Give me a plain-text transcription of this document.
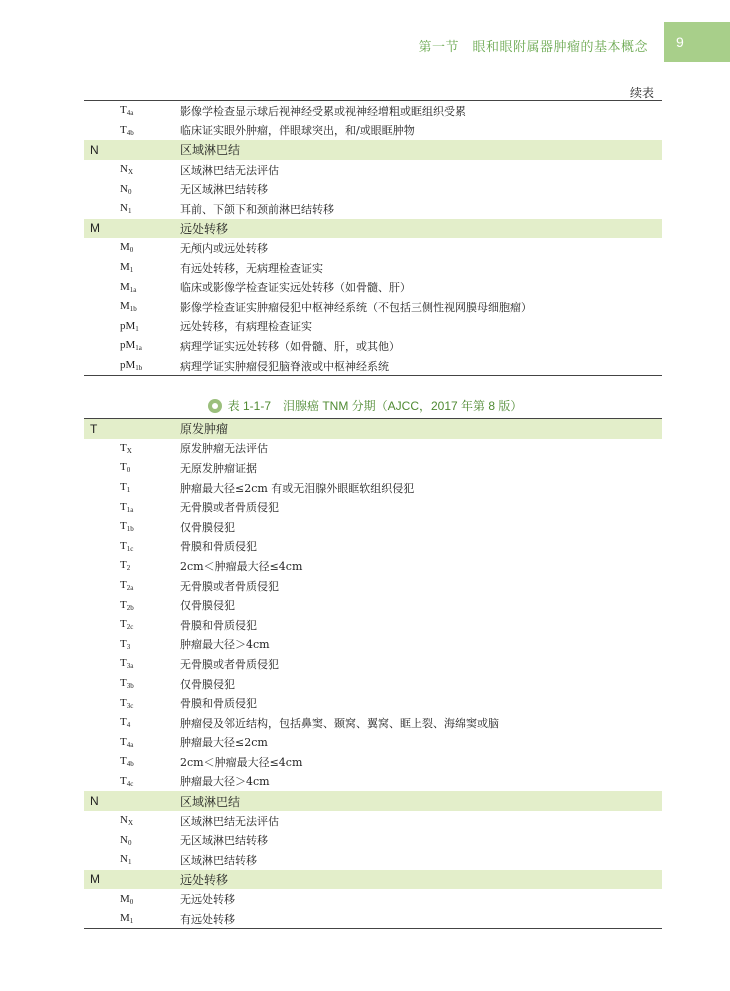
第一节　眼和眼附属器肿瘤的基本概念	9
续表
$T_{4a}$	影像学检查显示球后视神经受累或视神经增粗或眶组织受累
$T_{4b}$	临床证实眼外肿瘤，伴眼球突出，和/或眼眶肿物
N	区域淋巴结
$N_X$	区域淋巴结无法评估
$N_0$	无区域淋巴结转移
$N_1$	耳前、下颌下和颈前淋巴结转移
M	远处转移
$M_0$	无颅内或远处转移
$M_1$	有远处转移，无病理检查证实
$M_{1a}$	临床或影像学检查证实远处转移（如骨髓、肝）
$M_{1b}$	影像学检查证实肿瘤侵犯中枢神经系统（不包括三侧性视网膜母细胞瘤）
$pM_1$	远处转移，有病理检查证实
$pM_{1a}$	病理学证实远处转移（如骨髓、肝，或其他）
$pM_{1b}$	病理学证实肿瘤侵犯脑脊液或中枢神经系统
表 1-1-7　泪腺癌 TNM 分期（AJCC，2017 年第 8 版）
T	原发肿瘤
$T_X$	原发肿瘤无法评估
$T_0$	无原发肿瘤证据
$T_1$	肿瘤最大径≤2cm 有或无泪腺外眼眶软组织侵犯
$T_{1a}$	无骨膜或者骨质侵犯
$T_{1b}$	仅骨膜侵犯
$T_{1c}$	骨膜和骨质侵犯
$T_2$	2cm＜肿瘤最大径≤4cm
$T_{2a}$	无骨膜或者骨质侵犯
$T_{2b}$	仅骨膜侵犯
$T_{2c}$	骨膜和骨质侵犯
$T_3$	肿瘤最大径＞4cm
$T_{3a}$	无骨膜或者骨质侵犯
$T_{3b}$	仅骨膜侵犯
$T_{3c}$	骨膜和骨质侵犯
$T_4$	肿瘤侵及邻近结构，包括鼻窦、颞窝、翼窝、眶上裂、海绵窦或脑
$T_{4a}$	肿瘤最大径≤2cm
$T_{4b}$	2cm＜肿瘤最大径≤4cm
$T_{4c}$	肿瘤最大径＞4cm
N	区域淋巴结
$N_X$	区域淋巴结无法评估
$N_0$	无区域淋巴结转移
$N_1$	区域淋巴结转移
M	远处转移
$M_0$	无远处转移
$M_1$	有远处转移
